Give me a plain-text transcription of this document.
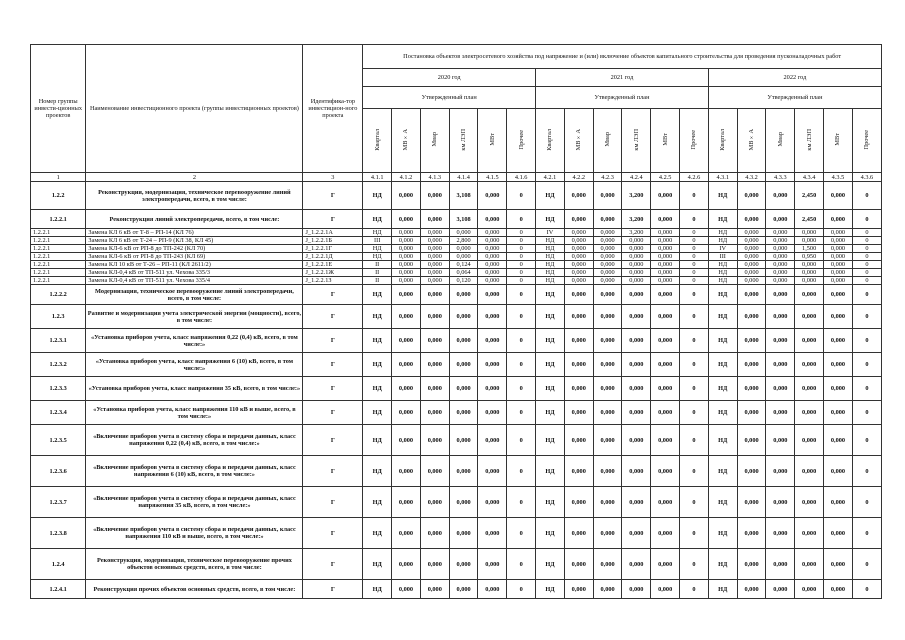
Номер группы инвести-ционных проектов	Наименование инвестиционного проекта (группы инвестиционных проектов)	Идентифика-тор инвестицион-ного проекта	Постановка объектов электросетевого хозяйства под напряжение и (или) включение объектов капитального строительства для проведения пусконаладочных работ																	
			2020 год						2021 год						2022 год					
			Утвержденный план						Утвержденный план						Утвержденный план					
			Квартал	МВ×А	Мвар	км ЛЭП	МВт	Прочее	Квартал	МВ×А	Мвар	км ЛЭП	МВт	Прочее	Квартал	МВ×А	Мвар	км ЛЭП	МВт	Прочее
1	2	3	4.1.1	4.1.2	4.1.3	4.1.4	4.1.5	4.1.6	4.2.1	4.2.2	4.2.3	4.2.4	4.2.5	4.2.6	4.3.1	4.3.2	4.3.3	4.3.4	4.3.5	4.3.6
1.2.2	Реконструкция, модернизация, техническое перевооружение линий электропередачи, всего, в том числе:	Г	НД	0,000	0,000	3,108	0,000	0	НД	0,000	0,000	3,200	0,000	0	НД	0,000	0,000	2,450	0,000	0
1.2.2.1	Реконструкция линий электропередачи, всего, в том числе:	Г	НД	0,000	0,000	3,108	0,000	0	НД	0,000	0,000	3,200	0,000	0	НД	0,000	0,000	2,450	0,000	0
1.2.2.1	Замена КЛ 6 кВ от Т-8 – РП-14 (КЛ 76)	J_1.2.2.1А	НД	0,000	0,000	0,000	0,000	0	IV	0,000	0,000	3,200	0,000	0	НД	0,000	0,000	0,000	0,000	0
1.2.2.1	Замена КЛ 6 кВ от Т-24 – РП-9 (КЛ 38, КЛ 45)	J_1.2.2.1Б	III	0,000	0,000	2,800	0,000	0	НД	0,000	0,000	0,000	0,000	0	НД	0,000	0,000	0,000	0,000	0
1.2.2.1	Замена КЛ-6 кВ от РП-8 до ТП-242 (КЛ 70)	J_1.2.2.1Г	НД	0,000	0,000	0,000	0,000	0	НД	0,000	0,000	0,000	0,000	0	IV	0,000	0,000	1,500	0,000	0
1.2.2.1	Замена КЛ-6 кВ от РП-8 до ТП-243 (КЛ 69)	J_1.2.2.1Д	НД	0,000	0,000	0,000	0,000	0	НД	0,000	0,000	0,000	0,000	0	III	0,000	0,000	0,950	0,000	0
1.2.2.1	Замена КЛ 10 кВ от Т-26 – РП-11 (КЛ 2611/2)	J_1.2.2.1Е	II	0,000	0,000	0,124	0,000	0	НД	0,000	0,000	0,000	0,000	0	НД	0,000	0,000	0,000	0,000	0
1.2.2.1	Замена КЛ-0,4 кВ от ТП-511 ул. Чехова 335/3	J_1.2.2.1Ж	II	0,000	0,000	0,064	0,000	0	НД	0,000	0,000	0,000	0,000	0	НД	0,000	0,000	0,000	0,000	0
1.2.2.1	Замена КЛ-0,4 кВ от ТП-511 ул. Чехова 335/4	J_1.2.2.1З	II	0,000	0,000	0,120	0,000	0	НД	0,000	0,000	0,000	0,000	0	НД	0,000	0,000	0,000	0,000	0
1.2.2.2	Модернизация, техническое перевооружение линий электропередачи, всего, в том числе:	Г	НД	0,000	0,000	0,000	0,000	0	НД	0,000	0,000	0,000	0,000	0	НД	0,000	0,000	0,000	0,000	0
1.2.3	Развитие и модернизация учета электрической энергии (мощности), всего, в том числе:	Г	НД	0,000	0,000	0,000	0,000	0	НД	0,000	0,000	0,000	0,000	0	НД	0,000	0,000	0,000	0,000	0
1.2.3.1	«Установка приборов учета, класс напряжения 0,22 (0,4) кВ, всего, в том числе:»	Г	НД	0,000	0,000	0,000	0,000	0	НД	0,000	0,000	0,000	0,000	0	НД	0,000	0,000	0,000	0,000	0
1.2.3.2	«Установка приборов учета, класс напряжения 6 (10) кВ, всего, в том числе:»	Г	НД	0,000	0,000	0,000	0,000	0	НД	0,000	0,000	0,000	0,000	0	НД	0,000	0,000	0,000	0,000	0
1.2.3.3	«Установка приборов учета, класс напряжения 35 кВ, всего, в том числе:»	Г	НД	0,000	0,000	0,000	0,000	0	НД	0,000	0,000	0,000	0,000	0	НД	0,000	0,000	0,000	0,000	0
1.2.3.4	«Установка приборов учета, класс напряжения 110 кВ и выше, всего, в том числе:»	Г	НД	0,000	0,000	0,000	0,000	0	НД	0,000	0,000	0,000	0,000	0	НД	0,000	0,000	0,000	0,000	0
1.2.3.5	«Включение приборов учета в систему сбора и передачи данных, класс напряжения 0,22 (0,4) кВ, всего, в том числе:»	Г	НД	0,000	0,000	0,000	0,000	0	НД	0,000	0,000	0,000	0,000	0	НД	0,000	0,000	0,000	0,000	0
1.2.3.6	«Включение приборов учета в систему сбора и передачи данных, класс напряжения 6 (10) кВ, всего, в том числе:»	Г	НД	0,000	0,000	0,000	0,000	0	НД	0,000	0,000	0,000	0,000	0	НД	0,000	0,000	0,000	0,000	0
1.2.3.7	«Включение приборов учета в систему сбора и передачи данных, класс напряжения 35 кВ, всего, в том числе:»	Г	НД	0,000	0,000	0,000	0,000	0	НД	0,000	0,000	0,000	0,000	0	НД	0,000	0,000	0,000	0,000	0
1.2.3.8	«Включение приборов учета в систему сбора и передачи данных, класс напряжения 110 кВ и выше, всего, в том числе:»	Г	НД	0,000	0,000	0,000	0,000	0	НД	0,000	0,000	0,000	0,000	0	НД	0,000	0,000	0,000	0,000	0
1.2.4	Реконструкция, модернизация, техническое перевооружение прочих объектов основных средств, всего, в том числе:	Г	НД	0,000	0,000	0,000	0,000	0	НД	0,000	0,000	0,000	0,000	0	НД	0,000	0,000	0,000	0,000	0
1.2.4.1	Реконструкция прочих объектов основных средств, всего, в том числе:	Г	НД	0,000	0,000	0,000	0,000	0	НД	0,000	0,000	0,000	0,000	0	НД	0,000	0,000	0,000	0,000	0
